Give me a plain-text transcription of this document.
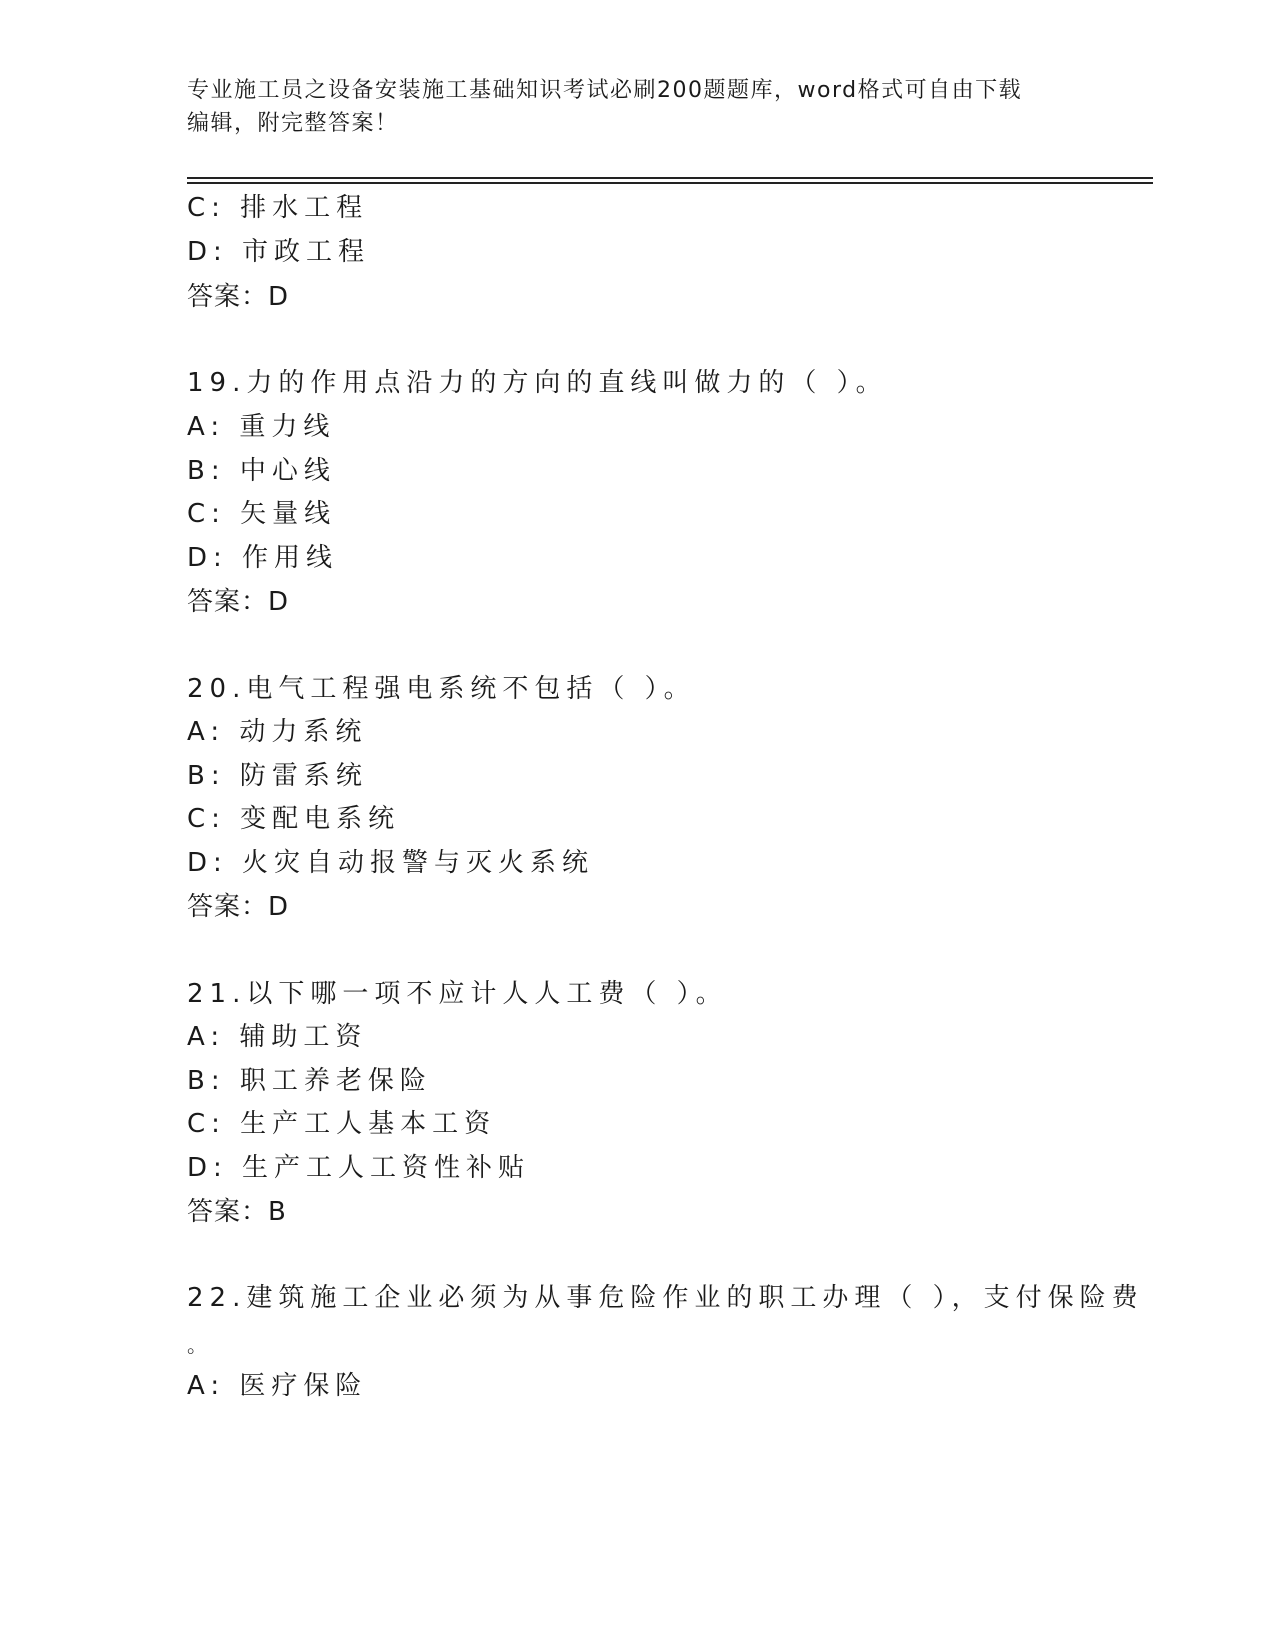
专业施工员之设备安装施工基础知识考试必刷200题题库，word格式可自由下载
编辑，附完整答案！
C: 排水工程
D: 市政工程
答案：D
19.力的作用点沿力的方向的直线叫做力的（ ）。
A: 重力线
B: 中心线
C: 矢量线
D: 作用线
答案：D
20.电气工程强电系统不包括（ ）。
A: 动力系统
B: 防雷系统
C: 变配电系统
D: 火灾自动报警与灭火系统
答案：D
21.以下哪一项不应计人人工费（ ）。
A: 辅助工资
B: 职工养老保险
C: 生产工人基本工资
D: 生产工人工资性补贴
答案：B
22.建筑施工企业必须为从事危险作业的职工办理（ ），支付保险费
。
A: 医疗保险
